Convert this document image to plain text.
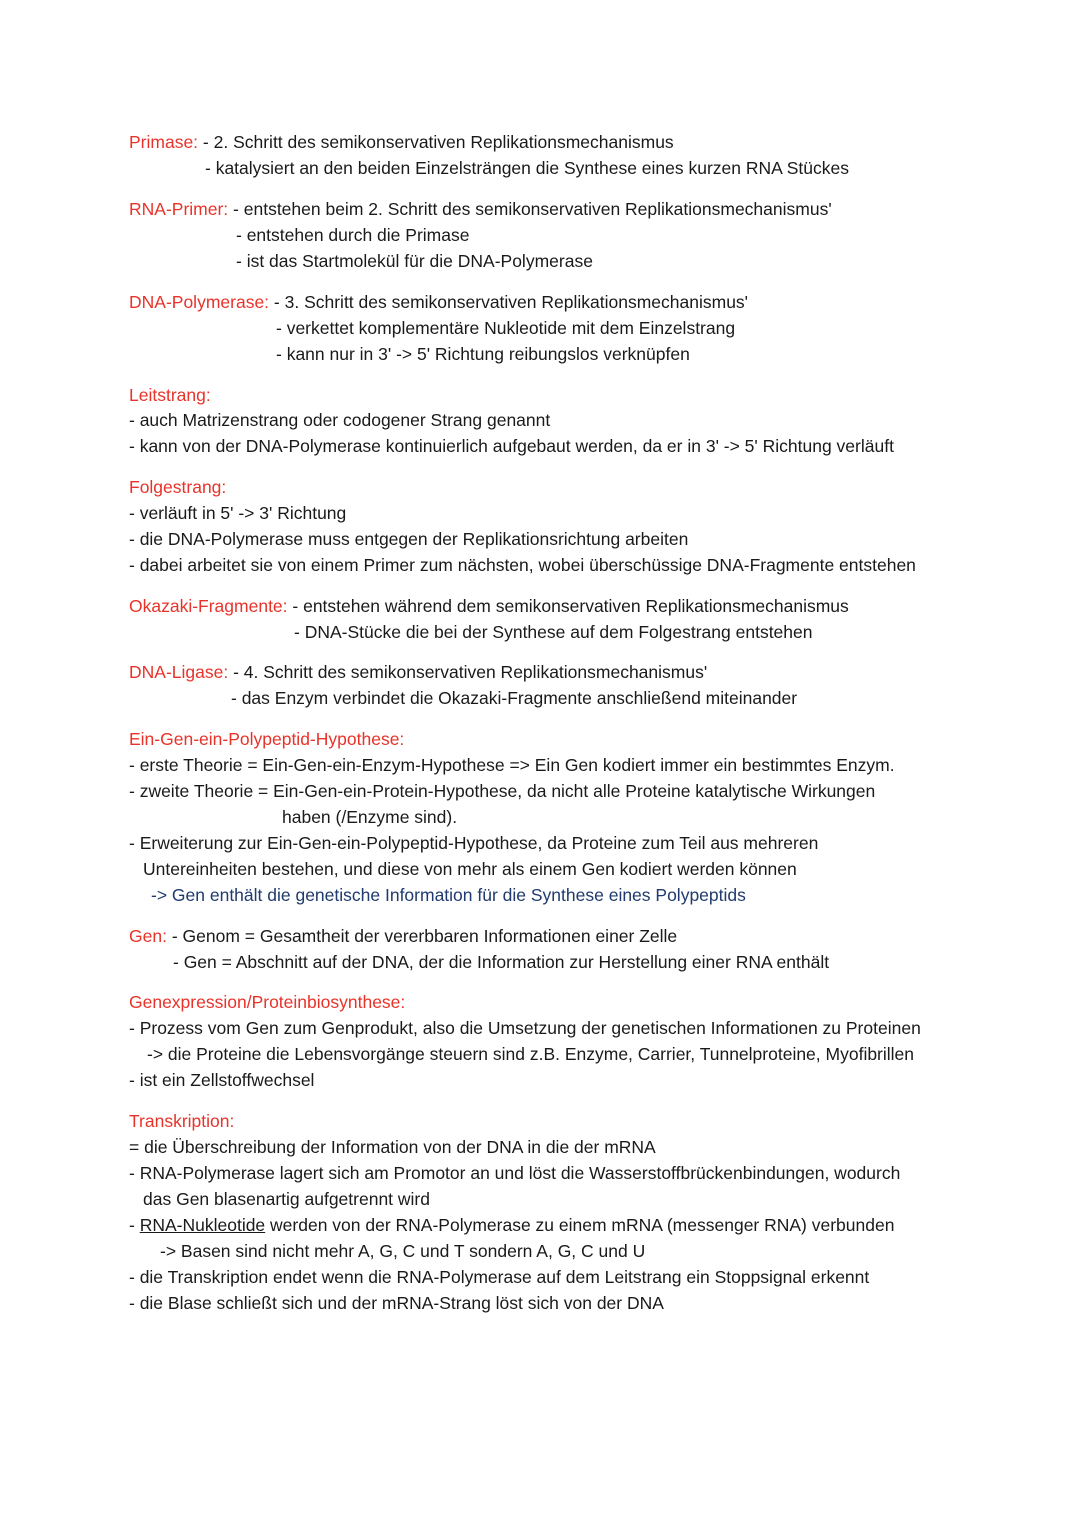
Primase: - 2. Schritt des semikonservativen Replikationsmechanismus
- katalysiert an den beiden Einzelsträngen die Synthese eines kurzen RNA Stückes
RNA-Primer: - entstehen beim 2. Schritt des semikonservativen Replikationsmechanismus'
- entstehen durch die Primase
- ist das Startmolekül für die DNA-Polymerase
DNA-Polymerase: - 3. Schritt des semikonservativen Replikationsmechanismus'
- verkettet komplementäre Nukleotide mit dem Einzelstrang
- kann nur in 3' -> 5' Richtung reibungslos verknüpfen
Leitstrang:
- auch Matrizenstrang oder codogener Strang genannt
- kann von der DNA-Polymerase kontinuierlich aufgebaut werden, da er in 3' -> 5' Richtung verläuft
Folgestrang:
- verläuft in 5' -> 3' Richtung
- die DNA-Polymerase muss entgegen der Replikationsrichtung arbeiten
- dabei arbeitet sie von einem Primer zum nächsten, wobei überschüssige DNA-Fragmente entstehen
Okazaki-Fragmente: - entstehen während dem semikonservativen Replikationsmechanismus
- DNA-Stücke die bei der Synthese auf dem Folgestrang entstehen
DNA-Ligase: - 4. Schritt des semikonservativen Replikationsmechanismus'
- das Enzym verbindet die Okazaki-Fragmente anschließend miteinander
Ein-Gen-ein-Polypeptid-Hypothese:
- erste Theorie = Ein-Gen-ein-Enzym-Hypothese => Ein Gen kodiert immer ein bestimmtes Enzym.
- zweite Theorie = Ein-Gen-ein-Protein-Hypothese, da nicht alle Proteine katalytische Wirkungen
haben (/Enzyme sind).
- Erweiterung zur Ein-Gen-ein-Polypeptid-Hypothese, da Proteine zum Teil aus mehreren
Untereinheiten bestehen, und diese von mehr als einem Gen kodiert werden können
-> Gen enthält die genetische Information für die Synthese eines Polypeptids
Gen: - Genom = Gesamtheit der vererbbaren Informationen einer Zelle
- Gen = Abschnitt auf der DNA, der die Information zur Herstellung einer RNA enthält
Genexpression/Proteinbiosynthese:
- Prozess vom Gen zum Genprodukt, also die Umsetzung der genetischen Informationen zu Proteinen
-> die Proteine die Lebensvorgänge steuern sind z.B. Enzyme, Carrier, Tunnelproteine, Myofibrillen
- ist ein Zellstoffwechsel
Transkription:
= die Überschreibung der Information von der DNA in die der mRNA
- RNA-Polymerase lagert sich am Promotor an und löst die Wasserstoffbrückenbindungen, wodurch
das Gen blasenartig aufgetrennt wird
- RNA-Nukleotide werden von der RNA-Polymerase zu einem mRNA (messenger RNA) verbunden
-> Basen sind nicht mehr A, G, C und T sondern A, G, C und U
- die Transkription endet wenn die RNA-Polymerase auf dem Leitstrang ein Stoppsignal erkennt
- die Blase schließt sich und der mRNA-Strang löst sich von der DNA
